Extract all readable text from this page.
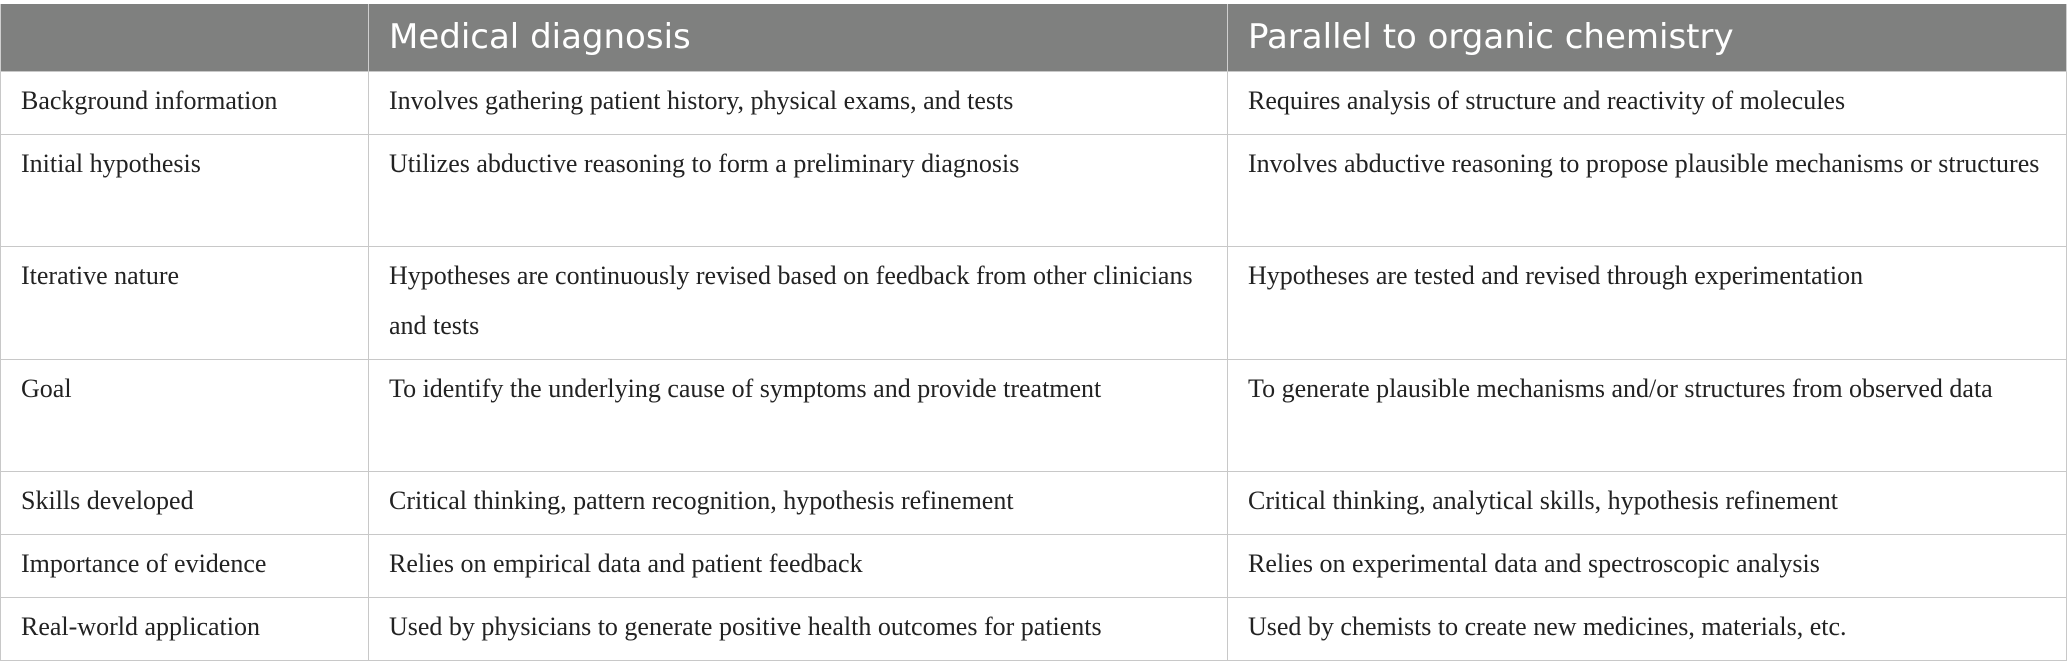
	Medical diagnosis	Parallel to organic chemistry
Background information	Involves gathering patient history, physical exams, and tests	Requires analysis of structure and reactivity of molecules
Initial hypothesis	Utilizes abductive reasoning to form a preliminary diagnosis	Involves abductive reasoning to propose plausible mechanisms or structures
Iterative nature	Hypotheses are continuously revised based on feedback from other clinicians and tests	Hypotheses are tested and revised through experimentation
Goal	To identify the underlying cause of symptoms and provide treatment	To generate plausible mechanisms and/or structures from observed data
Skills developed	Critical thinking, pattern recognition, hypothesis refinement	Critical thinking, analytical skills, hypothesis refinement
Importance of evidence	Relies on empirical data and patient feedback	Relies on experimental data and spectroscopic analysis
Real-world application	Used by physicians to generate positive health outcomes for patients	Used by chemists to create new medicines, materials, etc.
